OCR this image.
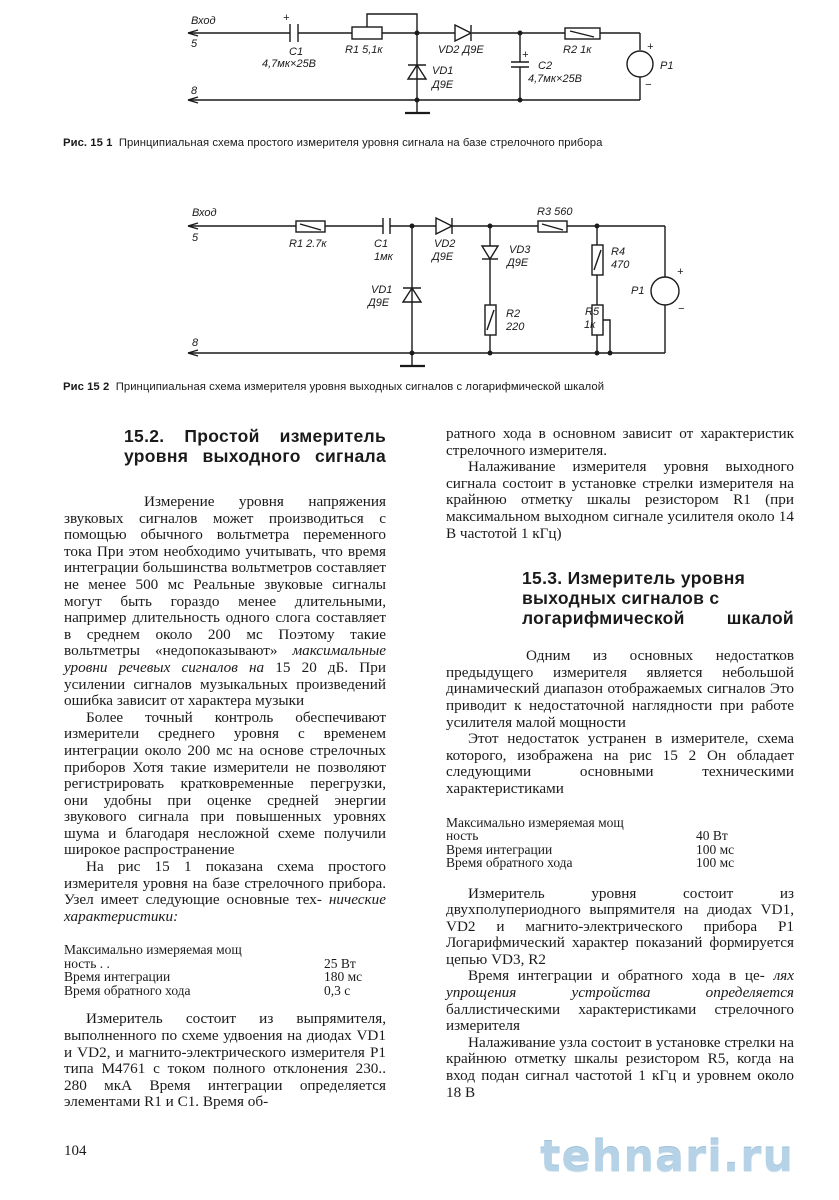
Вход
5
8
+
C1
4,7мк×25В
R1 5,1к	VD2 Д9Е
VD1
Д9Е
+
C2
4,7мк×25В
R2 1к	+
P1
−
Рис. 15 1 Принципиальная схема простого измерителя уровня сигнала на базе стрелочного прибора
Вход
5
8
R1 2.7к	C1
1мк
VD2
Д9Е
VD1
Д9Е
VD3
Д9Е
R2
220
R3 560
R4
470
R5
1к
P1
+
−
Рис 15 2 Принципиальная схема измерителя уровня выходных сигналов с логарифмической шкалой
15.2. Простой измеритель
уровня выходного сигнала

Измерение уровня напряжения звуковых сигналов может производиться с помощью обычного вольтметра переменного тока При этом необходимо учитывать, что время интеграции большинства вольтметров составляет не менее 500 мс Реальные звуковые сигналы могут быть гораздо менее длительными, например длительность одного слога составляет в среднем около 200 мс Поэтому такие вольтметры «недопоказывают» максимальные уровни речевых сигналов на 15 20 дБ. При усилении сигналов музыкальных произведений ошибка зависит от характера музыки

Более точный контроль обеспечивают измерители среднего уровня с временем интеграции около 200 мс на основе стрелочных приборов Хотя такие измерители не позволяют регистрировать кратковременные перегрузки, они удобны при оценке средней энергии звукового сигнала при повышенных уровнях шума и благодаря несложной схеме получили широкое распространение

На рис 15 1 показана схема простого измерителя уровня на базе стрелочного прибора. Узел имеет следующие основные тех- нические характеристики:

Максимально измеряемая мощ
ность . .	25 Вт
Время интеграции	180 мс
Время обратного хода	0,3 с

Измеритель состоит из выпрямителя, выполненного по схеме удвоения на диодах VD1 и VD2, и магнито-электрического измерителя P1 типа М4761 с током полного отклонения 230.. 280 мкА Время интеграции определяется элементами R1 и C1. Время об-

ратного хода в основном зависит от характеристик стрелочного измерителя.

Налаживание измерителя уровня выходного сигнала состоит в установке стрелки измерителя на крайнюю отметку шкалы резистором R1 (при максимальном выходном сигнале усилителя около 14 В частотой 1 кГц)

15.3. Измеритель уровня
выходных сигналов с
логарифмической шкалой

Одним из основных недостатков предыдущего измерителя является небольшой динамический диапазон отображаемых сигналов Это приводит к недостаточной наглядности при работе усилителя малой мощности

Этот недостаток устранен в измерителе, схема которого, изображена на рис 15 2 Он обладает следующими основными техническими характеристиками

Максимально измеряемая мощ
ность	40 Вт
Время интеграции	100 мс
Время обратного хода	100 мс

Измеритель уровня состоит из двухполупериодного выпрямителя на диодах VD1, VD2 и магнито-электрического прибора P1 Логарифмический характер показаний формируется цепью VD3, R2

Время интеграции и обратного хода в це- лях упрощения устройства определяется баллистическими характеристиками стрелочного измерителя

Налаживание узла состоит в установке стрелки на крайнюю отметку шкалы резистором R5, когда на вход подан сигнал частотой 1 кГц и уровнем около 18 В

104	tehnari.ru
